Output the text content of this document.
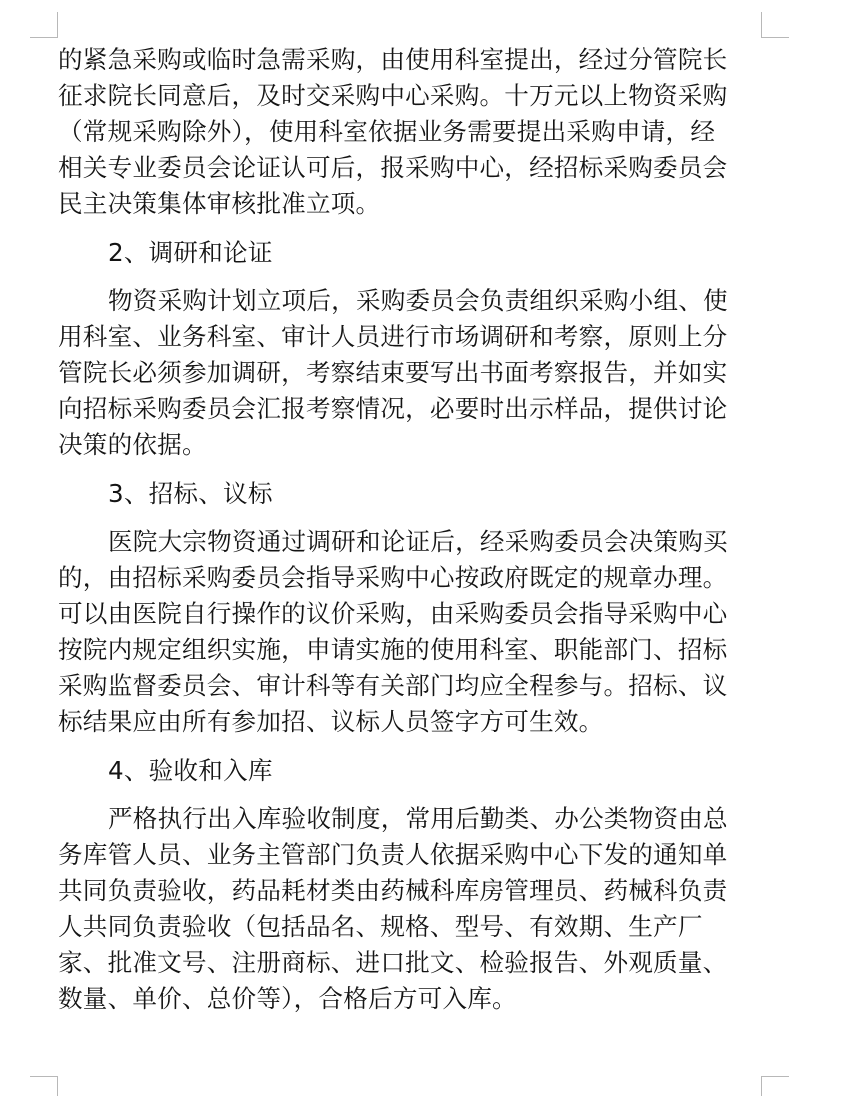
的紧急采购或临时急需采购，由使用科室提出，经过分管院长
征求院长同意后，及时交采购中心采购。十万元以上物资采购
（常规采购除外），使用科室依据业务需要提出采购申请，经
相关专业委员会论证认可后，报采购中心，经招标采购委员会
民主决策集体审核批准立项。
2、调研和论证
物资采购计划立项后，采购委员会负责组织采购小组、使
用科室、业务科室、审计人员进行市场调研和考察，原则上分
管院长必须参加调研，考察结束要写出书面考察报告，并如实
向招标采购委员会汇报考察情况，必要时出示样品，提供讨论
决策的依据。
3、招标、议标
医院大宗物资通过调研和论证后，经采购委员会决策购买
的，由招标采购委员会指导采购中心按政府既定的规章办理。
可以由医院自行操作的议价采购，由采购委员会指导采购中心
按院内规定组织实施，申请实施的使用科室、职能部门、招标
采购监督委员会、审计科等有关部门均应全程参与。招标、议
标结果应由所有参加招、议标人员签字方可生效。
4、验收和入库
严格执行出入库验收制度，常用后勤类、办公类物资由总
务库管人员、业务主管部门负责人依据采购中心下发的通知单
共同负责验收，药品耗材类由药械科库房管理员、药械科负责
人共同负责验收（包括品名、规格、型号、有效期、生产厂
家、批准文号、注册商标、进口批文、检验报告、外观质量、
数量、单价、总价等），合格后方可入库。
